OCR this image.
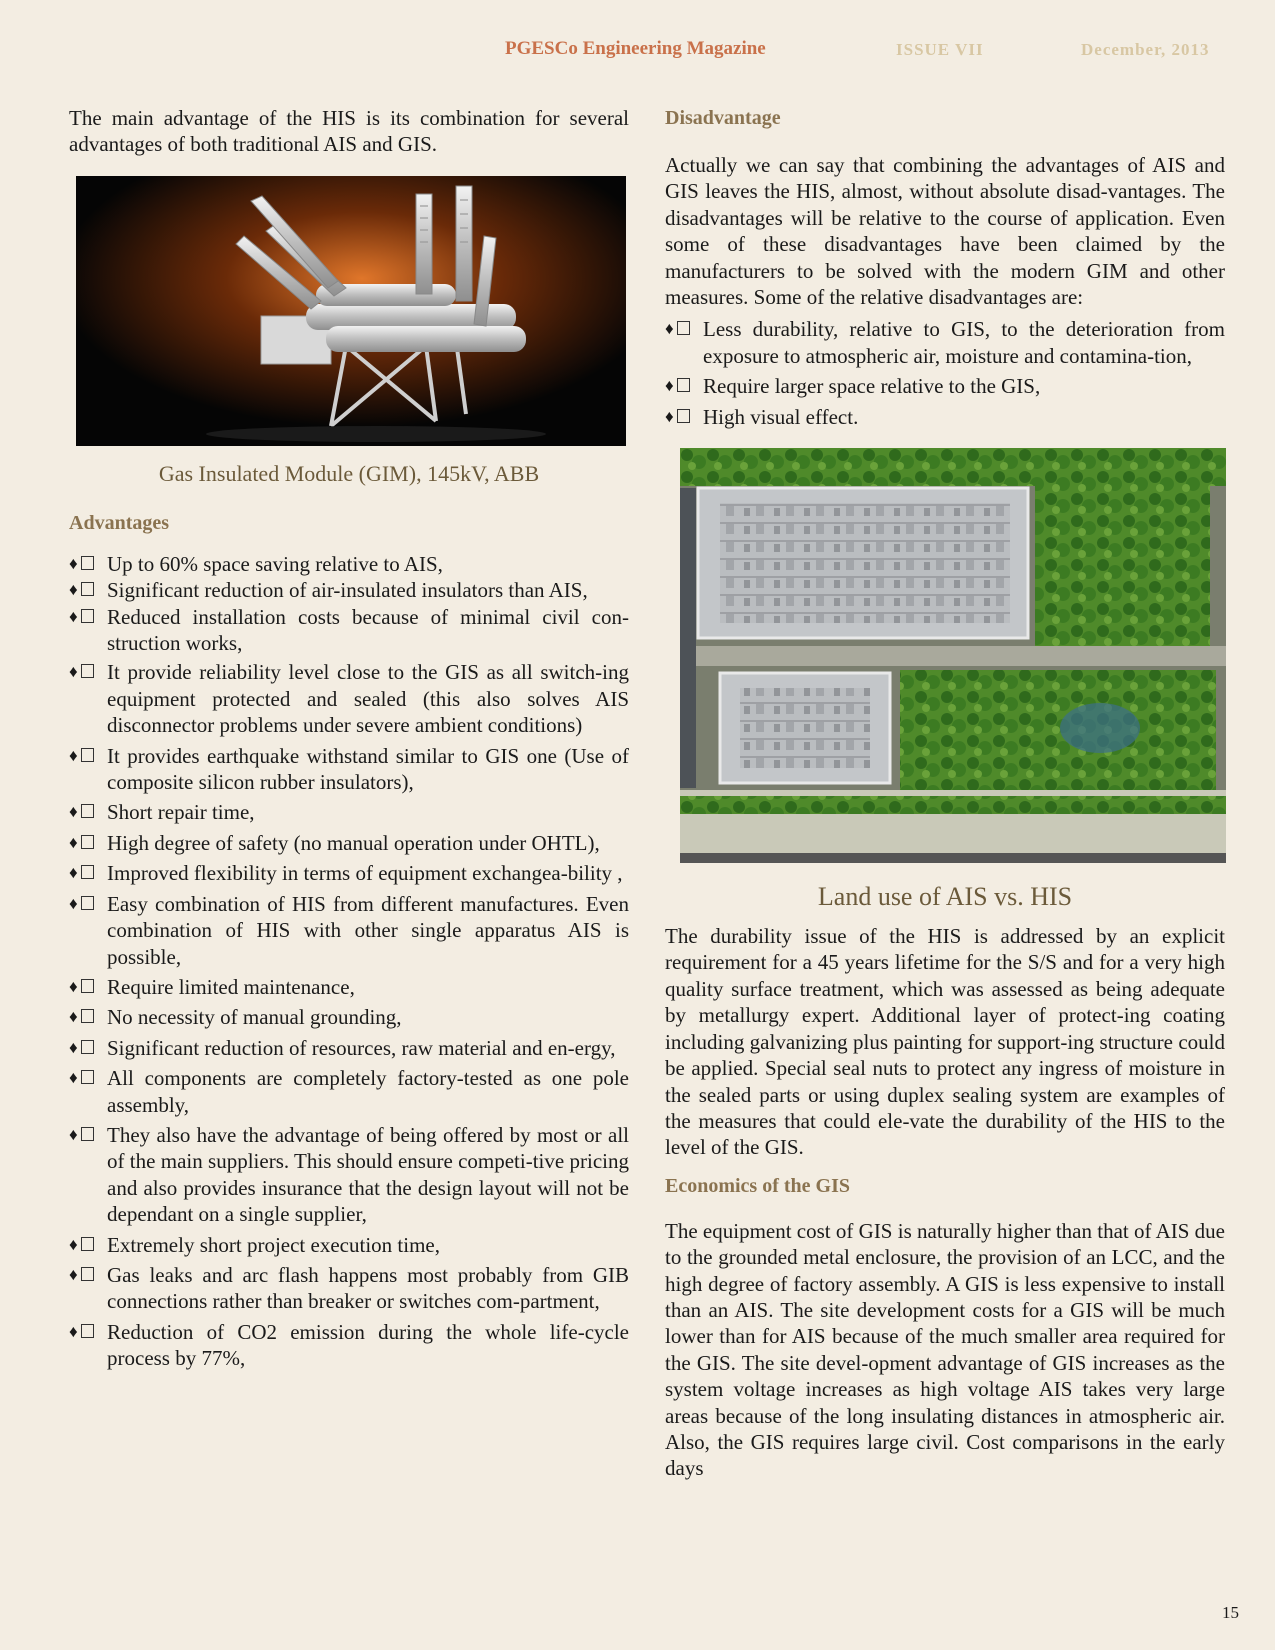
PGESCo Engineering Magazine	ISSUE VII	December, 2013

The main advantage of the HIS is its combination for several advantages of both traditional AIS and GIS.

Gas Insulated Module (GIM), 145kV, ABB

Advantages
♦	Up to 60% space saving relative to AIS,
♦	Significant reduction of air-insulated insulators than AIS,
♦	Reduced installation costs because of minimal civil con-struction works,
♦	It provide reliability level close to the GIS as all switch-ing equipment protected and sealed (this also solves AIS disconnector problems under severe ambient conditions)
♦	It provides earthquake withstand similar to GIS one (Use of composite silicon rubber insulators),
♦	Short repair time,
♦	High degree of safety (no manual operation under OHTL),
♦	Improved flexibility in terms of equipment exchangea-bility ,
♦	Easy combination of HIS from different manufactures. Even combination of HIS with other single apparatus AIS is possible,
♦	Require limited maintenance,
♦	No necessity of manual grounding,
♦	Significant reduction of resources, raw material and en-ergy,
♦	All components are completely factory-tested as one pole assembly,
♦	They also have the advantage of being offered by most or all of the main suppliers. This should ensure competi-tive pricing and also provides insurance that the design layout will not be dependant on a single supplier,
♦	Extremely short project execution time,
♦	Gas leaks and arc flash happens most probably from GIB connections rather than breaker or switches com-partment,
♦	Reduction of CO2 emission during the whole life-cycle process by 77%,
Disadvantage

Actually we can say that combining the advantages of AIS and GIS leaves the HIS, almost, without absolute disad-vantages. The disadvantages will be relative to the course of application. Even some of these disadvantages have been claimed by the manufacturers to be solved with the modern GIM and other measures. Some of the relative disadvantages are:

♦	Less durability, relative to GIS, to the deterioration from exposure to atmospheric air, moisture and contamina-tion,
♦	Require larger space relative to the GIS,
♦	High visual effect.

Land use of AIS vs. HIS

The durability issue of the HIS is addressed by an explicit requirement for a 45 years lifetime for the S/S and for a very high quality surface treatment, which was assessed as being adequate by metallurgy expert. Additional layer of protect-ing coating including galvanizing plus painting for support-ing structure could be applied. Special seal nuts to protect any ingress of moisture in the sealed parts or using duplex sealing system are examples of the measures that could ele-vate the durability of the HIS to the level of the GIS.

Economics of the GIS

The equipment cost of GIS is naturally higher than that of AIS due to the grounded metal enclosure, the provision of an LCC, and the high degree of factory assembly. A GIS is less expensive to install than an AIS. The site development costs for a GIS will be much lower than for AIS because of the much smaller area required for the GIS. The site devel-opment advantage of GIS increases as the system voltage increases as high voltage AIS takes very large areas because of the long insulating distances in atmospheric air. Also, the GIS requires large civil. Cost comparisons in the early days

15
